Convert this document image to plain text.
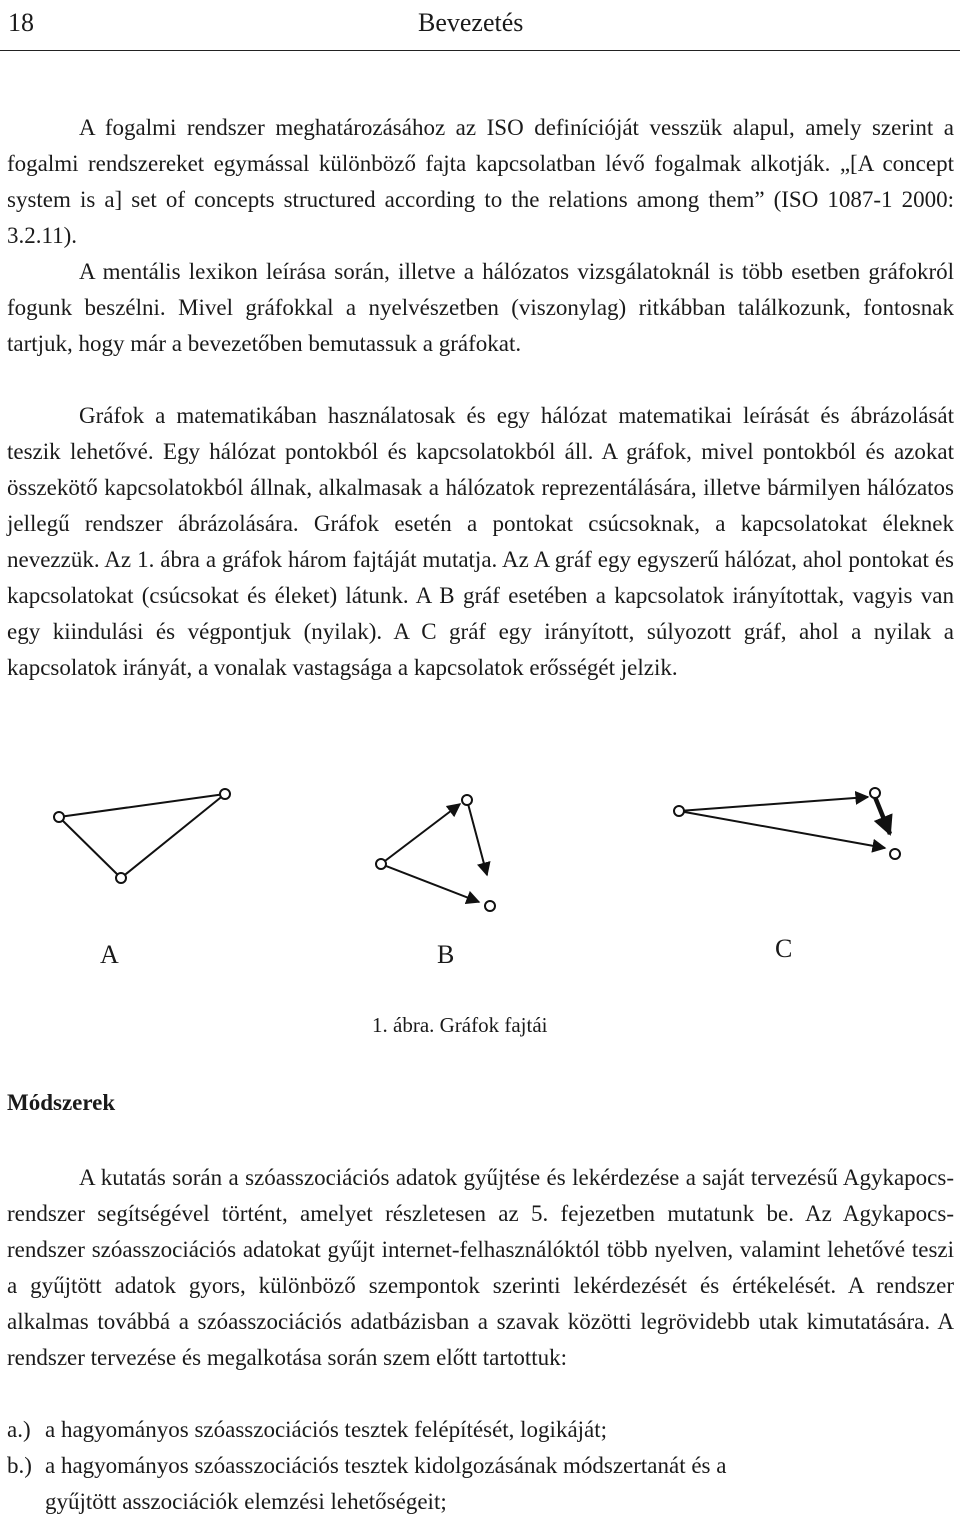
18	Bevezetés

A fogalmi rendszer meghatározásához az ISO definícióját vesszük alapul, amely szerint a fogalmi rendszereket egymással különböző fajta kapcsolatban lévő fogalmak alkotják. „[A concept system is a] set of concepts structured according to the relations among them” (ISO 1087-1 2000: 3.2.11).

A mentális lexikon leírása során, illetve a hálózatos vizsgálatoknál is több esetben gráfokról fogunk beszélni. Mivel gráfokkal a nyelvészetben (viszonylag) ritkábban találkozunk, fontosnak tartjuk, hogy már a bevezetőben bemutassuk a gráfokat.

Gráfok a matematikában használatosak és egy hálózat matematikai leírását és ábrázolását teszik lehetővé. Egy hálózat pontokból és kapcsolatokból áll. A gráfok, mivel pontokból és azokat összekötő kapcsolatokból állnak, alkalmasak a hálózatok reprezentálására, illetve bármilyen hálózatos jellegű rendszer ábrázolására. Gráfok esetén a pontokat csúcsoknak, a kapcsolatokat éleknek nevezzük. Az 1. ábra a gráfok három fajtáját mutatja. Az A gráf egy egyszerű hálózat, ahol pontokat és kapcsolatokat (csúcsokat és éleket) látunk. A B gráf esetében a kapcsolatok irányítottak, vagyis van egy kiindulási és végpontjuk (nyilak). A C gráf egy irányított, súlyozott gráf, ahol a nyilak a kapcsolatok irányát, a vonalak vastagsága a kapcsolatok erősségét jelzik.

A	B	C
1. ábra. Gráfok fajtái
Módszerek

A kutatás során a szóasszociációs adatok gyűjtése és lekérdezése a saját tervezésű Agykapocs-rendszer segítségével történt, amelyet részletesen az 5. fejezetben mutatunk be. Az Agykapocs-rendszer szóasszociációs adatokat gyűjt internet-felhasználóktól több nyelven, valamint lehetővé teszi a gyűjtött adatok gyors, különböző szempontok szerinti lekérdezését és értékelését. A rendszer alkalmas továbbá a szóasszociációs adatbázisban a szavak közötti legrövidebb utak kimutatására. A rendszer tervezése és megalkotása során szem előtt tartottuk:

a.) a hagyományos szóasszociációs tesztek felépítését, logikáját;
b.) a hagyományos szóasszociációs tesztek kidolgozásának módszertanát és a
gyűjtött asszociációk elemzési lehetőségeit;
